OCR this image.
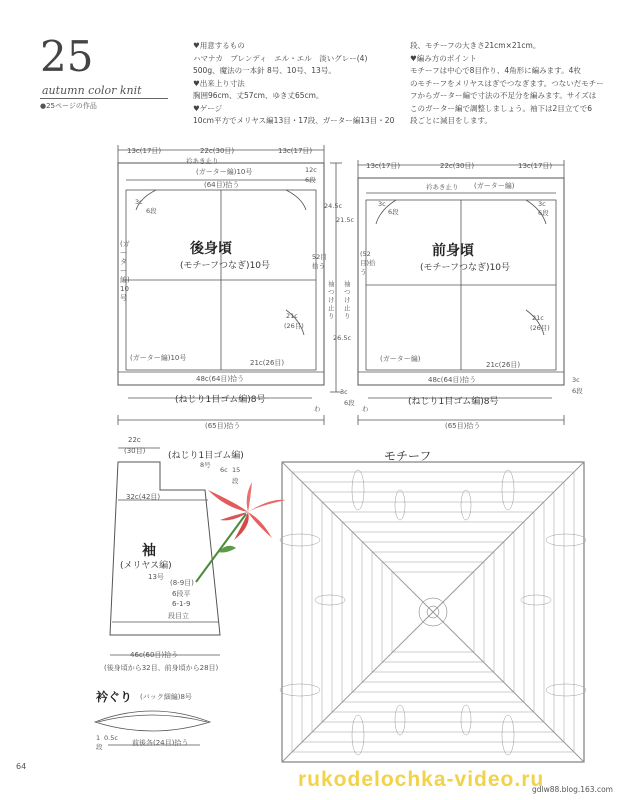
25
autumn color knit
●25ページの作品
♥用意するもの
ハマナカ　ブレンディ　エル・エル　淡いグレー(4)
500g、魔法の一本針 8号、10号、13号。
♥出来上り寸法
胸囲96cm、丈57cm、ゆき丈65cm。
♥ゲージ
10cm平方でメリヤス編13目・17段、ガーター編13目・20
段、モチーフの大きさ21cm×21cm。
♥編み方のポイント
モチーフは中心で8目作り、4角形に編みます。4枚
のモチーフをメリヤスはぎでつなぎます。つないだモチー
フからガーター編で寸法の不足分を編みます。サイズは
このガーター編で調整しましょう。袖下は2目立てで6
段ごとに減目をします。
13c(17目)	22c(30目)	13c(17目)
衿あき止り
(ガーター編)10号
(64目)拾う
12c
6段
3c
6段
後身頃
(モチーフつなぎ)10号
(ガーター編)10号
21c
(26目)
(ガーター編)10号
21c(26目)
48c(64目)拾う
(ねじり1目ゴム編)8号
(65目)拾う
24.5c
21.5c
52目
拾う
袖つけ止り
袖つけ止り
26.5c
3c
6段
わ	わ
13c(17目)	22c(30目)	13c(17目)
衿あき止り (ガーター編)
3c
6段
3c
6段
前身頃
(モチーフつなぎ)10号
(52目)拾う
21c
(26目)
(ガーター編)
21c(26目)
48c(64目)拾う
(ねじり1目ゴム編)8号
(65目)拾う
3c
6段
22c
(30目)	(ねじり1目ゴム編)
8号
6c 15
段
32c(42目)
袖
(メリヤス編)
13号
(8-9目)
6段平
6-1-9
段目立
46c(60目)拾う
(後身頃から32目、前身頃から28目)
衿ぐり (バック細編)8号
1
段
0.5c
前後各(24目)拾う
モチーフ
64
rukodelochka-video.ru
gdlw88.blog.163.com
